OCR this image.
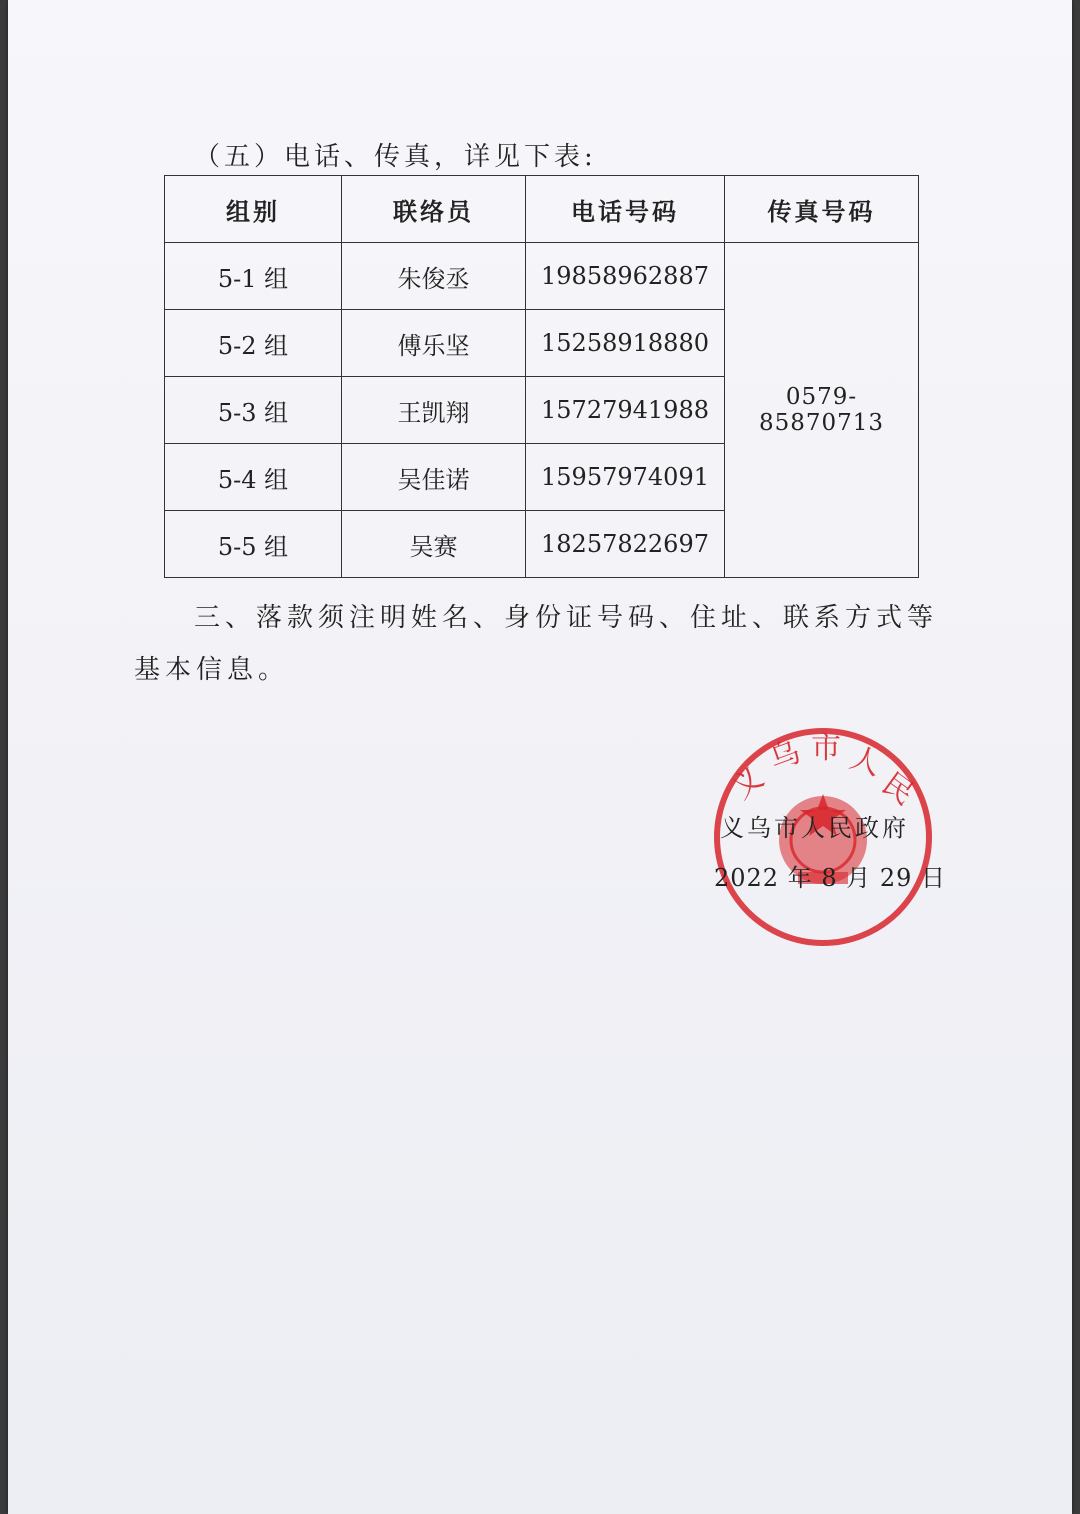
（五）电话、传真，详见下表:
组别	联络员	电话号码	传真号码
5-1 组	朱俊丞	19858962887	0579-85870713
5-2 组	傅乐坚	15258918880	
5-3 组	王凯翔	15727941988	
5-4 组	吴佳诺	15957974091	
5-5 组	吴赛	18257822697	
三、落款须注明姓名、身份证号码、住址、联系方式等基本信息。
义
乌 市 人
民
义乌市人民政府
2022 年 8 月 29 日
